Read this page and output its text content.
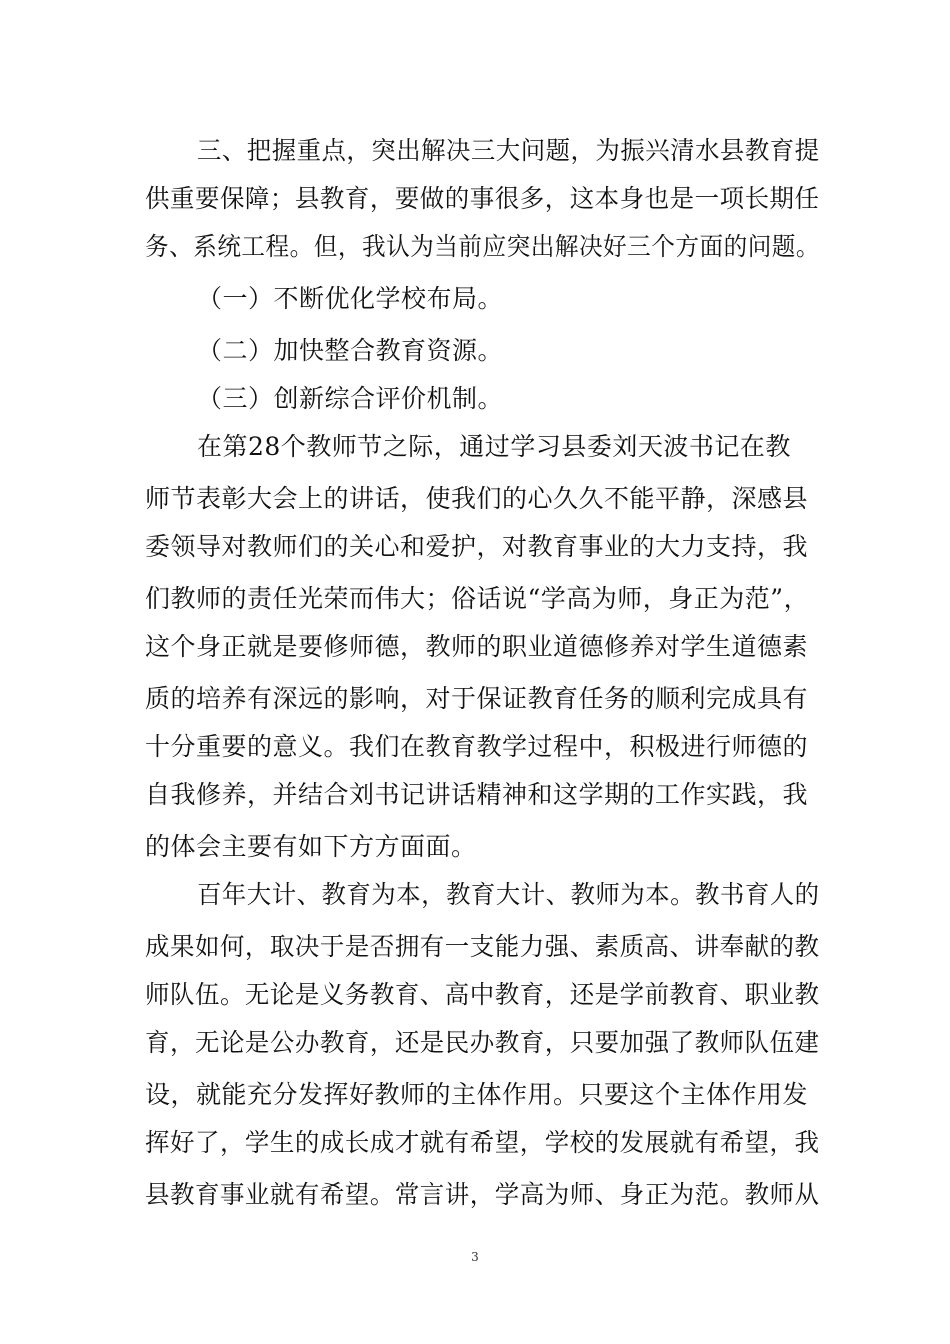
三、把握重点，突出解决三大问题，为振兴清水县教育提
供重要保障；县教育，要做的事很多，这本身也是一项长期任
务、系统工程。但，我认为当前应突出解决好三个方面的问题。
（一）不断优化学校布局。
（二）加快整合教育资源。
（三）创新综合评价机制。
在第28个教师节之际，通过学习县委刘天波书记在教
师节表彰大会上的讲话，使我们的心久久不能平静，深感县
委领导对教师们的关心和爱护，对教育事业的大力支持，我
们教师的责任光荣而伟大；俗话说“学高为师，身正为范”，
这个身正就是要修师德，教师的职业道德修养对学生道德素
质的培养有深远的影响，对于保证教育任务的顺利完成具有
十分重要的意义。我们在教育教学过程中，积极进行师德的
自我修养，并结合刘书记讲话精神和这学期的工作实践，我
的体会主要有如下方方面面。
百年大计、教育为本，教育大计、教师为本。教书育人的
成果如何，取决于是否拥有一支能力强、素质高、讲奉献的教
师队伍。无论是义务教育、高中教育，还是学前教育、职业教
育，无论是公办教育，还是民办教育，只要加强了教师队伍建
设，就能充分发挥好教师的主体作用。只要这个主体作用发
挥好了，学生的成长成才就有希望，学校的发展就有希望，我
县教育事业就有希望。常言讲，学高为师、身正为范。教师从
3
